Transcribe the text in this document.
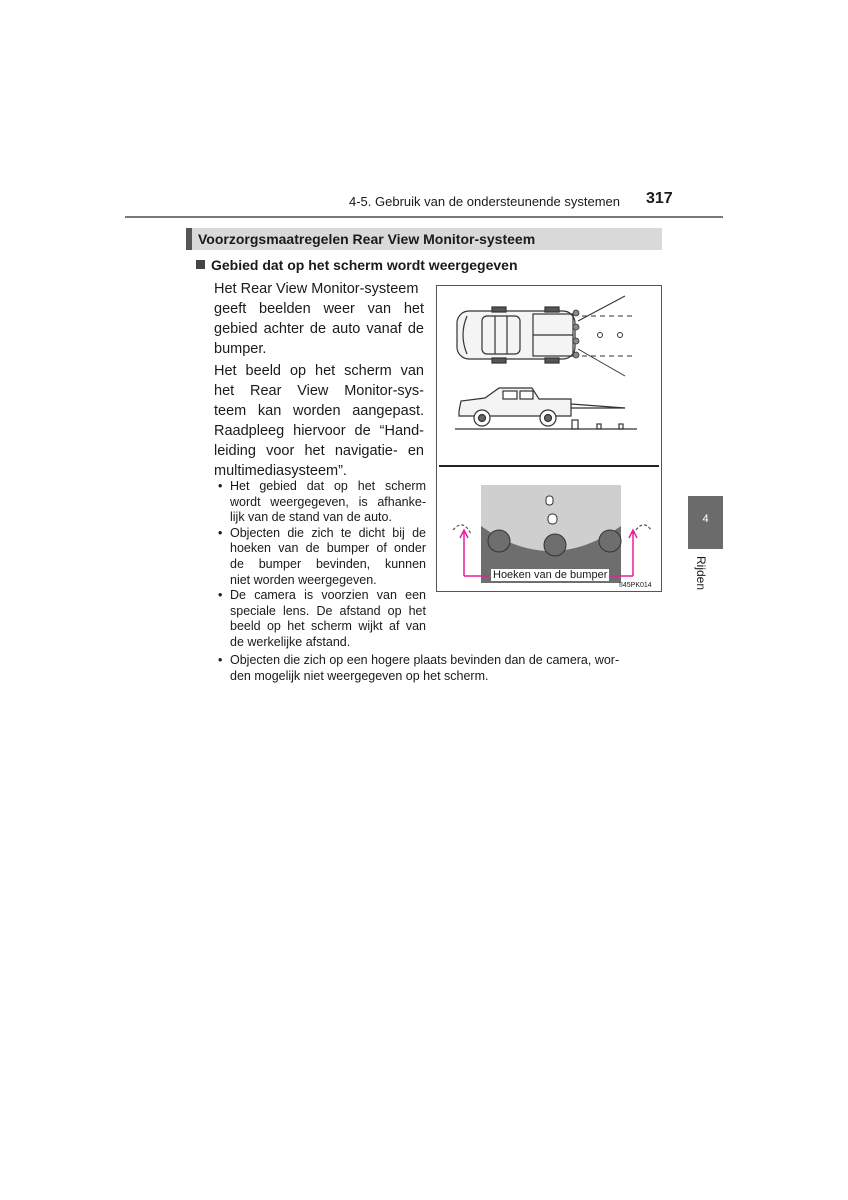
4-5. Gebruik van de ondersteunende systemen 317
Voorzorgsmaatregelen Rear View Monitor-systeem
Gebied dat op het scherm wordt weergegeven
Het Rear View Monitor-systeem
geeft beelden weer van het
gebied achter de auto vanaf de
bumper.
Het beeld op het scherm van
het Rear View Monitor-sys-
teem kan worden aangepast.
Raadpleeg hiervoor de “Hand-
leiding voor het navigatie- en
multimediasysteem”.
• Het gebied dat op het scherm
wordt weergegeven, is afhanke-
lijk van de stand van de auto.
• Objecten die zich te dicht bij de
hoeken van de bumper of onder
de bumper bevinden, kunnen
niet worden weergegeven.
• De camera is voorzien van een
speciale lens. De afstand op het
beeld op het scherm wijkt af van
de werkelijke afstand.
• Objecten die zich op een hogere plaats bevinden dan de camera, wor-
den mogelijk niet weergegeven op het scherm.
Hoeken van de bumper
II45PK014
4
Rijden
